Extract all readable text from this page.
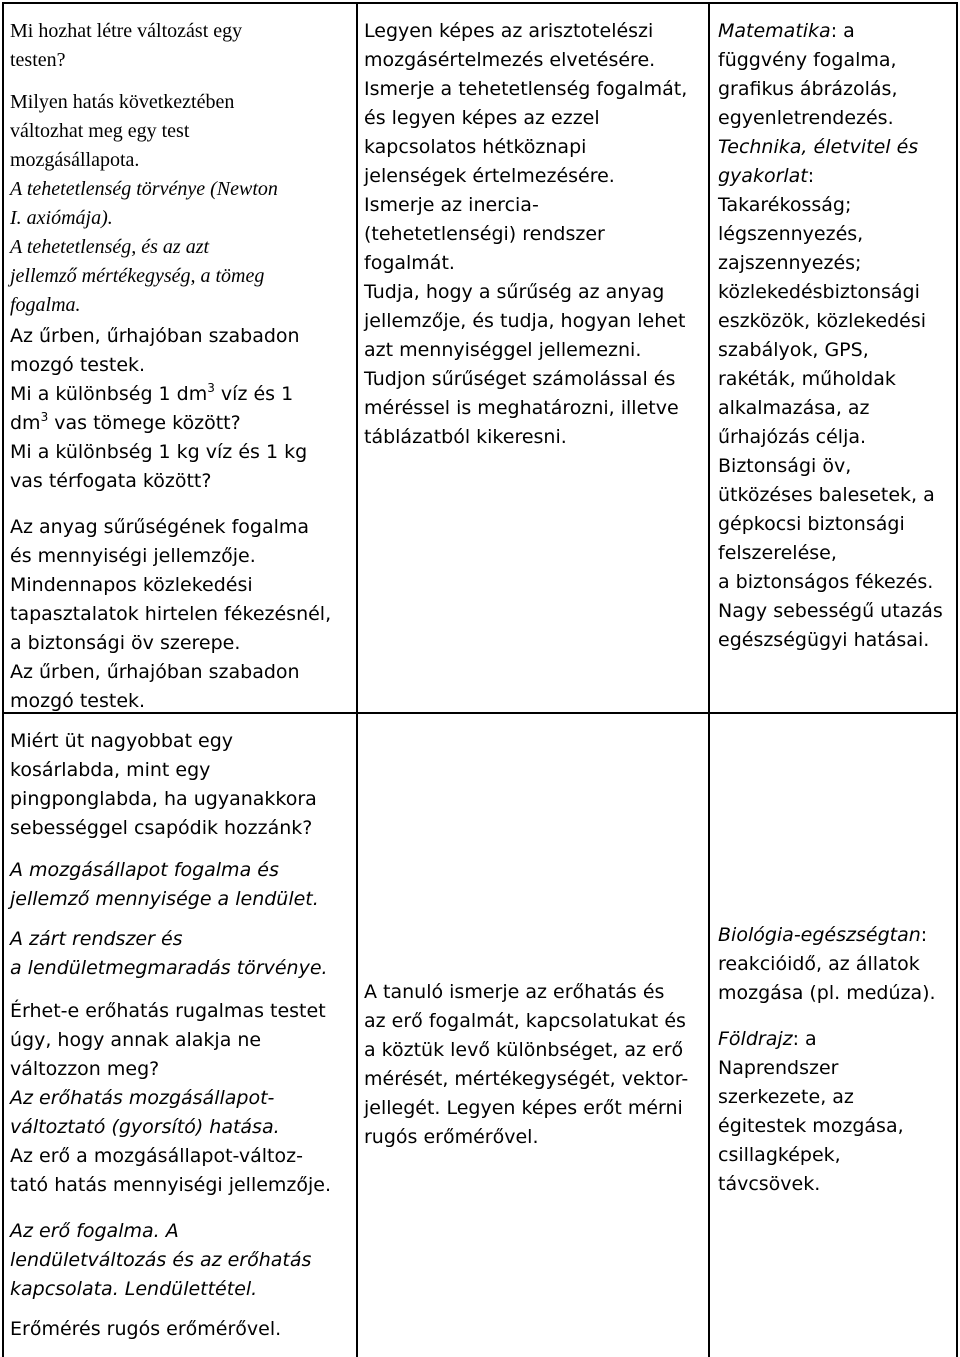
Mi hozhat létre változást egy
testen?
Milyen hatás következtében
változhat meg egy test
mozgásállapota.
A tehetetlenség törvénye (Newton
I. axiómája).
A tehetetlenség, és az azt
jellemző mértékegység, a tömeg
fogalma.
Az űrben, űrhajóban szabadon
mozgó testek.
Mi a különbség 1 $dm^3$ víz és 1
$dm^3$ vas tömege között?
Mi a különbség 1 kg víz és 1 kg
vas térfogata között?
Az anyag sűrűségének fogalma
és mennyiségi jellemzője.
Mindennapos közlekedési
tapasztalatok hirtelen fékezésnél,
a biztonsági öv szerepe.
Az űrben, űrhajóban szabadon
mozgó testek.
Miért üt nagyobbat egy
kosárlabda, mint egy
pingponglabda, ha ugyanakkora
sebességgel csapódik hozzánk?
A mozgásállapot fogalma és
jellemző mennyisége a lendület.
A zárt rendszer és
a lendületmegmaradás törvénye.
Érhet-e erőhatás rugalmas testet
úgy, hogy annak alakja ne
változzon meg?
Az erőhatás mozgásállapot-
változtató (gyorsító) hatása.
Az erő a mozgásállapot-változ-
tató hatás mennyiségi jellemzője.
Az erő fogalma. A
lendületváltozás és az erőhatás
kapcsolata. Lendülettétel.
Erőmérés rugós erőmérővel.
Legyen képes az arisztotelészi
mozgásértelmezés elvetésére.
Ismerje a tehetetlenség fogalmát,
és legyen képes az ezzel
kapcsolatos hétköznapi
jelenségek értelmezésére.
Ismerje az inercia-
(tehetetlenségi) rendszer
fogalmát.
Tudja, hogy a sűrűség az anyag
jellemzője, és tudja, hogyan lehet
azt mennyiséggel jellemezni.
Tudjon sűrűséget számolással és
méréssel is meghatározni, illetve
táblázatból kikeresni.
A tanuló ismerje az erőhatás és
az erő fogalmát, kapcsolatukat és
a köztük levő különbséget, az erő
mérését, mértékegységét, vektor-
jellegét. Legyen képes erőt mérni
rugós erőmérővel.
Matematika: a
függvény fogalma,
grafikus ábrázolás,
egyenletrendezés.
Technika, életvitel és
gyakorlat:
Takarékosság;
légszennyezés,
zajszennyezés;
közlekedésbiztonsági
eszközök, közlekedési
szabályok, GPS,
rakéták, műholdak
alkalmazása, az
űrhajózás célja.
Biztonsági öv,
ütközéses balesetek, a
gépkocsi biztonsági
felszerelése,
a biztonságos fékezés.
Nagy sebességű utazás
egészségügyi hatásai.
Biológia-egészségtan:
reakcióidő, az állatok
mozgása (pl. medúza).
Földrajz: a
Naprendszer
szerkezete, az
égitestek mozgása,
csillagképek,
távcsövek.
